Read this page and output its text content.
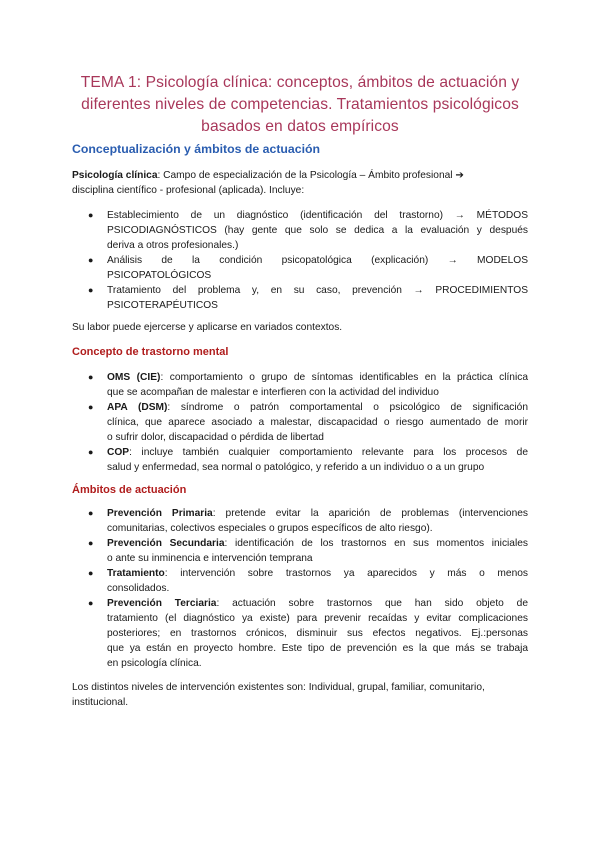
TEMA 1: Psicología clínica: conceptos, ámbitos de actuación y
diferentes niveles de competencias. Tratamientos psicológicos
basados en datos empíricos
Conceptualización y ámbitos de actuación
Psicología clínica: Campo de especialización de la Psicología – Ámbito profesional ➔
disciplina científico - profesional (aplicada). Incluye:
● Establecimiento de un diagnóstico (identificación del trastorno) → MÉTODOS
PSICODIAGNÓSTICOS (hay gente que solo se dedica a la evaluación y después
deriva a otros profesionales.)
● Análisis de la condición psicopatológica (explicación) → MODELOS
PSICOPATOLÓGICOS
● Tratamiento del problema y, en su caso, prevención → PROCEDIMIENTOS
PSICOTERAPÉUTICOS
Su labor puede ejercerse y aplicarse en variados contextos.
Concepto de trastorno mental
● OMS (CIE): comportamiento o grupo de síntomas identificables en la práctica clínica
que se acompañan de malestar e interfieren con la actividad del individuo
● APA (DSM): síndrome o patrón comportamental o psicológico de significación
clínica, que aparece asociado a malestar, discapacidad o riesgo aumentado de morir
o sufrir dolor, discapacidad o pérdida de libertad
● COP: incluye también cualquier comportamiento relevante para los procesos de
salud y enfermedad, sea normal o patológico, y referido a un individuo o a un grupo
Ámbitos de actuación
● Prevención Primaria: pretende evitar la aparición de problemas (intervenciones
comunitarias, colectivos especiales o grupos específicos de alto riesgo).
● Prevención Secundaria: identificación de los trastornos en sus momentos iniciales
o ante su inminencia e intervención temprana
● Tratamiento: intervención sobre trastornos ya aparecidos y más o menos
consolidados.
● Prevención Terciaria: actuación sobre trastornos que han sido objeto de
tratamiento (el diagnóstico ya existe) para prevenir recaídas y evitar complicaciones
posteriores; en trastornos crónicos, disminuir sus efectos negativos. Ej.:personas
que ya están en proyecto hombre. Este tipo de prevención es la que más se trabaja
en psicología clínica.
Los distintos niveles de intervención existentes son: Individual, grupal, familiar, comunitario,
institucional.
